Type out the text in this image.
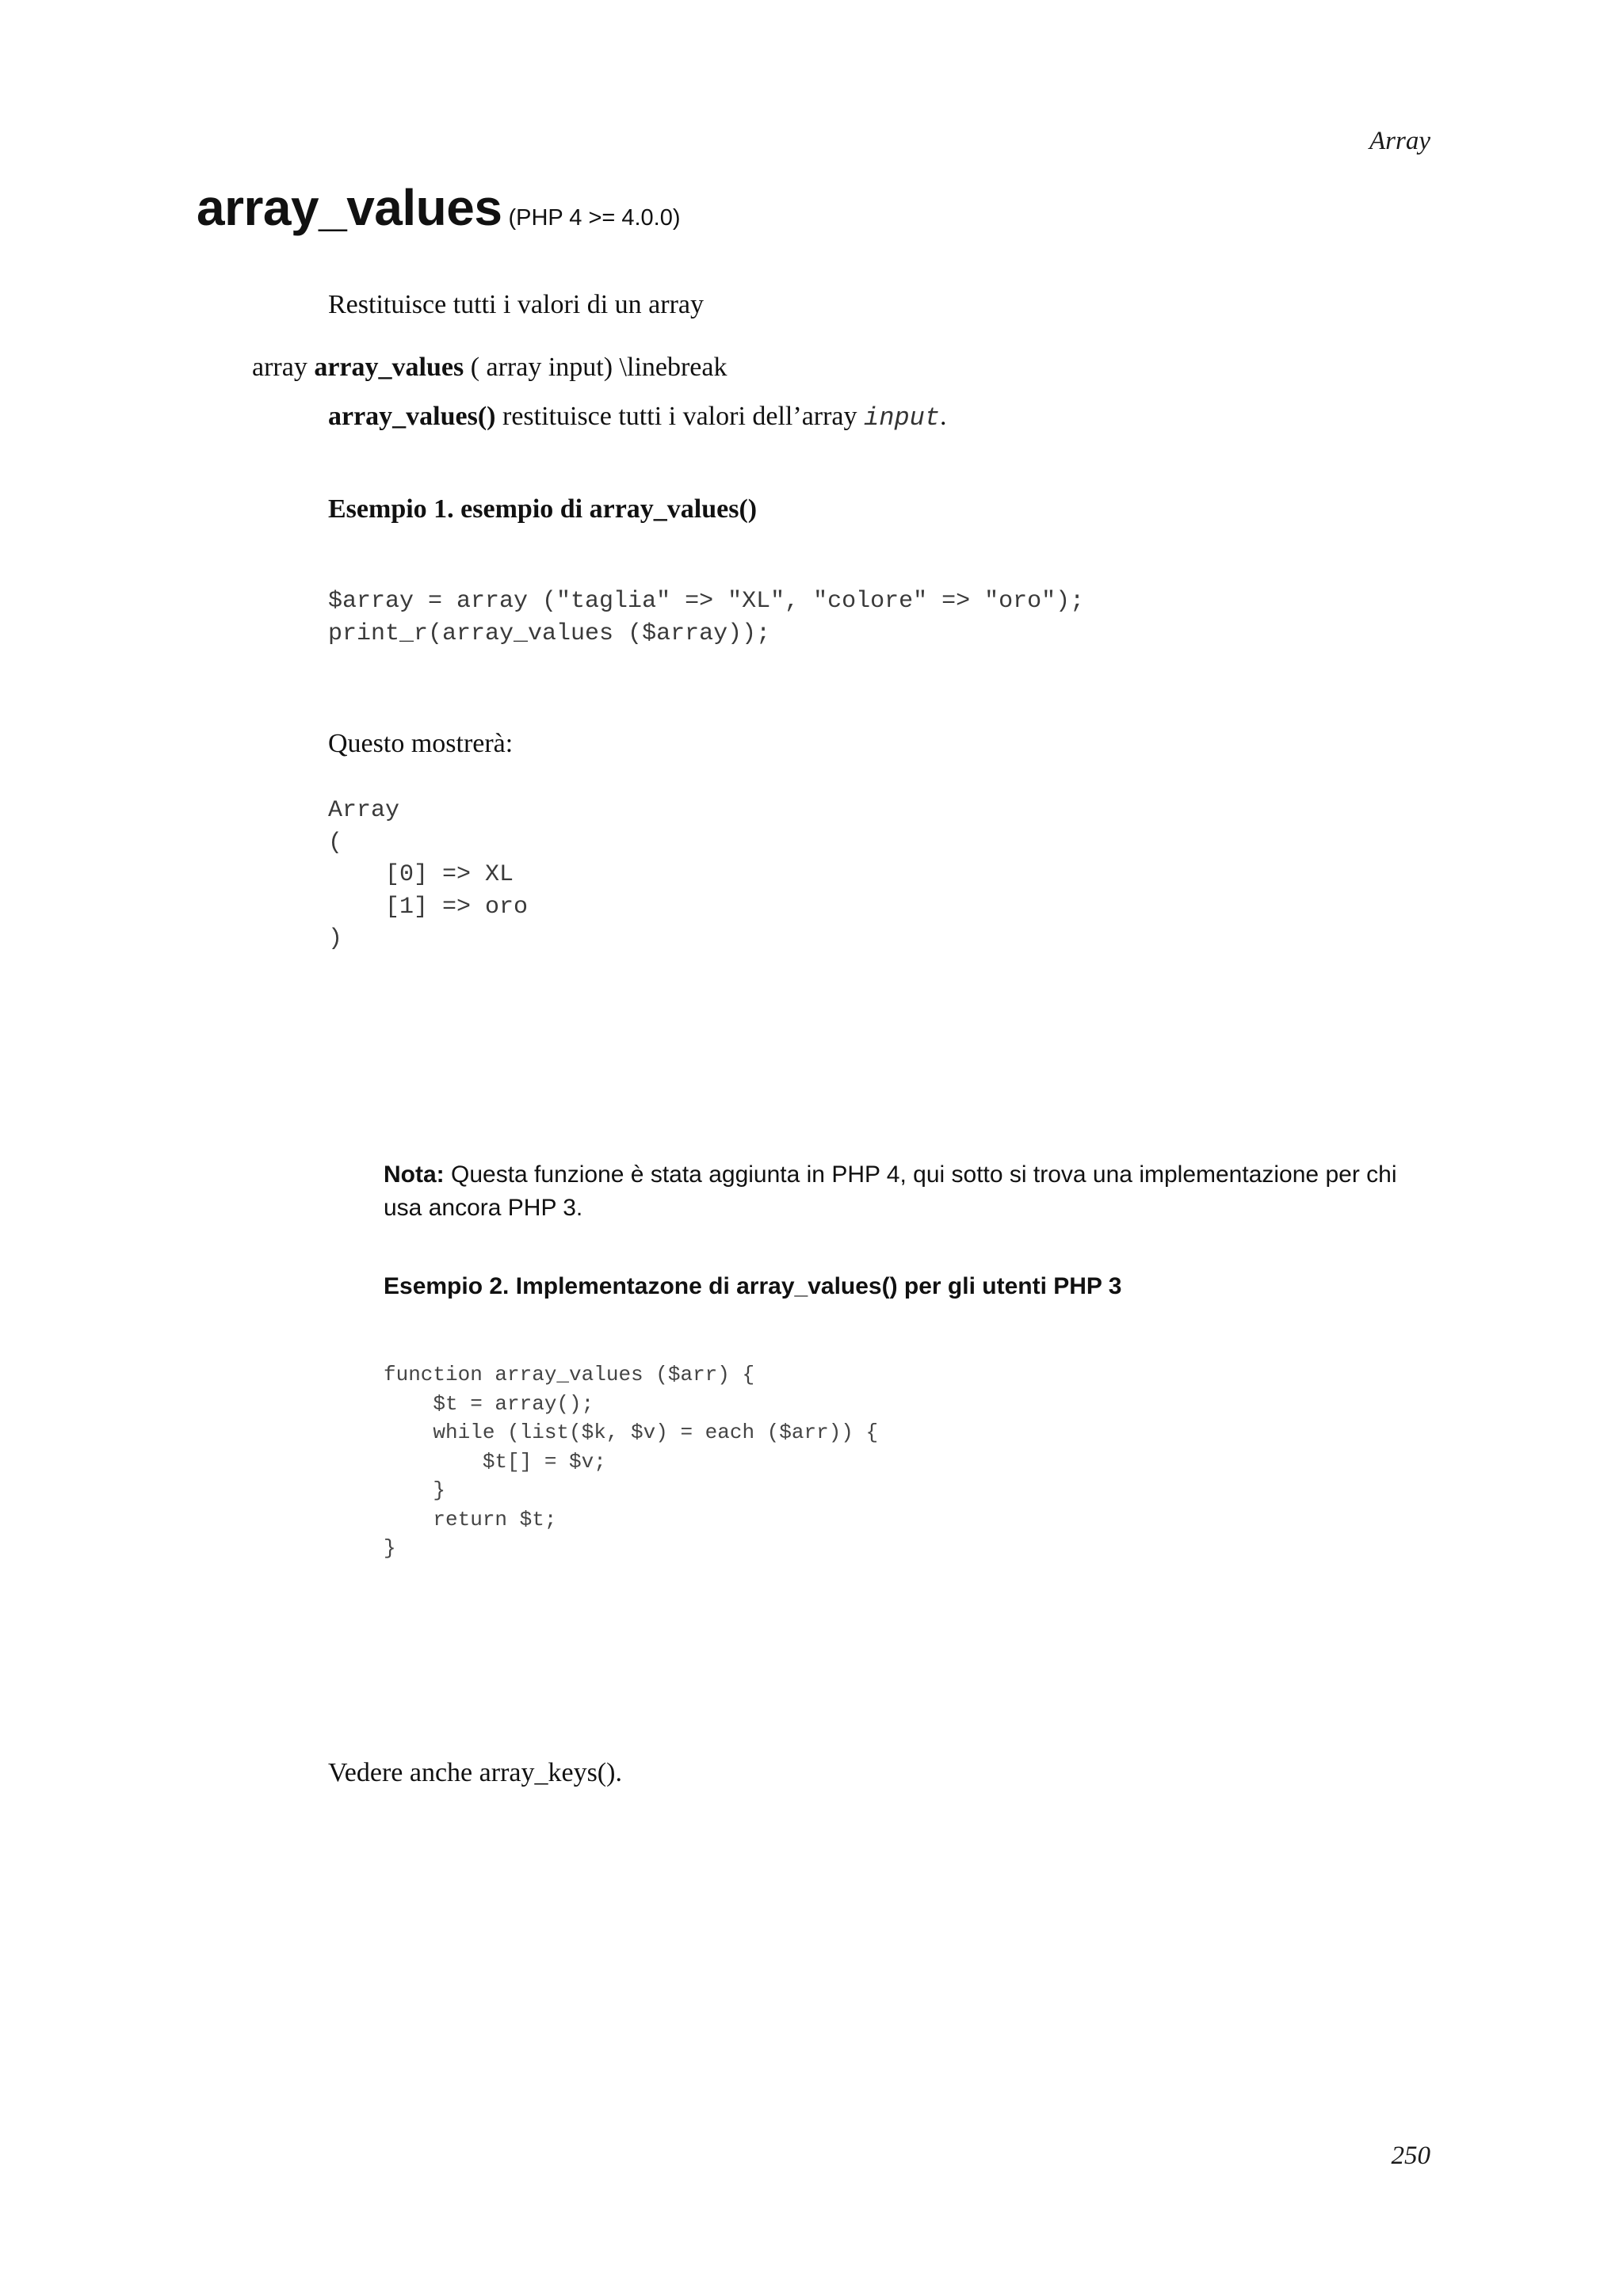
Array
array_values (PHP 4 >= 4.0.0)
Restituisce tutti i valori di un array
array array_values ( array input) \linebreak
array_values() restituisce tutti i valori dell’array input.
Esempio 1. esempio di array_values()
$array = array ("taglia" => "XL", "colore" => "oro");
print_r(array_values ($array));
Questo mostrerà:
Array
(
[0] => XL
[1] => oro
)
Nota: Questa funzione è stata aggiunta in PHP 4, qui sotto si trova una implementazione per chi usa ancora PHP 3.
Esempio 2. Implementazone di array_values() per gli utenti PHP 3
function array_values ($arr) {
$t = array();
while (list($k, $v) = each ($arr)) {
$t[] = $v;
}
return $t;
}
Vedere anche array_keys().
250
